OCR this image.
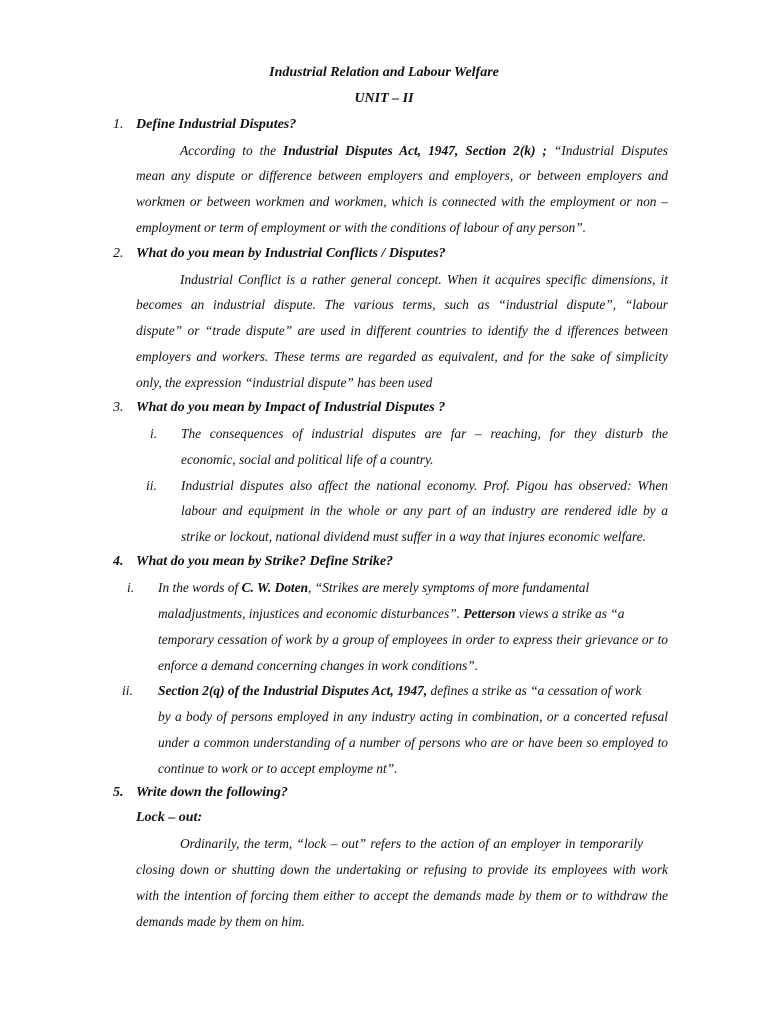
Industrial Relation and Labour Welfare

UNIT – II

1. Define Industrial Disputes?

According to the Industrial Disputes Act, 1947, Section 2(k) ; “Industrial Disputes

mean any dispute or difference between employers and employers, or between employers and

workmen or between workmen and workmen, which is connected with the employment or non –

employment or term of employment or with the conditions of labour of any person”.

2. What do you mean by Industrial Conflicts / Disputes?

Industrial Conflict is a rather general concept. When it acquires specific dimensions, it

becomes an industrial dispute. The various terms, such as “industrial dispute”, “labour

dispute” or “trade dispute” are used in different countries to identify the d ifferences between

employers and workers. These terms are regarded as equivalent, and for the sake of simplicity

only, the expression “industrial dispute” has been used

3. What do you mean by Impact of Industrial Disputes ?

i. The consequences of industrial disputes are far – reaching, for they disturb the

economic, social and political life of a country.

ii. Industrial disputes also affect the national economy. Prof. Pigou has observed: When

labour and equipment in the whole or any part of an industry are rendered idle by a

strike or lockout, national dividend must suffer in a way that injures economic welfare.

4. What do you mean by Strike? Define Strike?

i. In the words of C. W. Doten, “Strikes are merely symptoms of more fundamental

maladjustments, injustices and economic disturbances”. Petterson views a strike as “a

temporary cessation of work by a group of employees in order to express their grievance or to

enforce a demand concerning changes in work conditions”.

ii. Section 2(q) of the Industrial Disputes Act, 1947, defines a strike as “a cessation of work

by a body of persons employed in any industry acting in combination, or a concerted refusal

under a common understanding of a number of persons who are or have been so employed to

continue to work or to accept employme nt”.

5. Write down the following?

Lock – out:

Ordinarily, the term, “lock – out” refers to the action of an employer in temporarily

closing down or shutting down the undertaking or refusing to provide its employees with work

with the intention of forcing them either to accept the demands made by them or to withdraw the

demands made by them on him.
